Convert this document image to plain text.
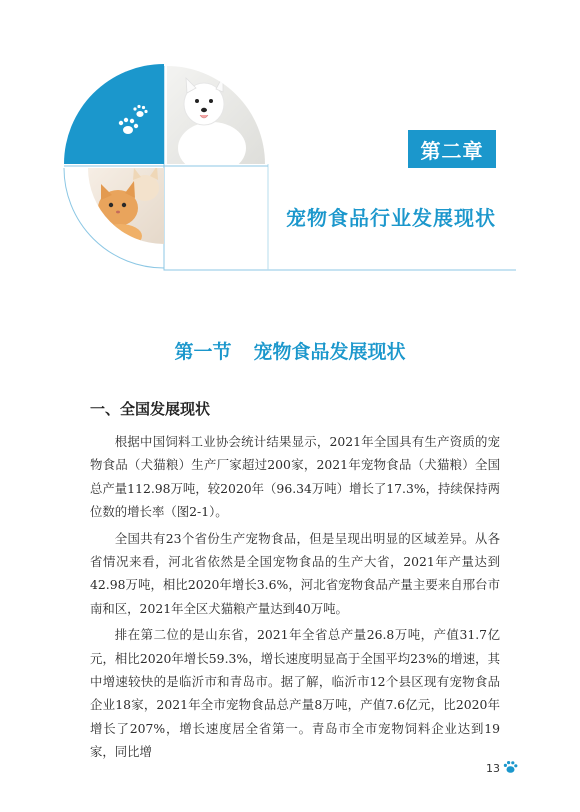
第二章
宠物食品行业发展现状
第一节 宠物食品发展现状
一、全国发展现状

根据中国饲料工业协会统计结果显示，2021年全国具有生产资质的宠物食品（犬猫粮）生产厂家超过200家，2021年宠物食品（犬猫粮）全国总产量112.98万吨，较2020年（96.34万吨）增长了17.3%，持续保持两位数的增长率（图2-1）。

全国共有23个省份生产宠物食品，但是呈现出明显的区域差异。从各省情况来看，河北省依然是全国宠物食品的生产大省，2021年产量达到42.98万吨，相比2020年增长3.6%，河北省宠物食品产量主要来自邢台市南和区，2021年全区犬猫粮产量达到40万吨。

排在第二位的是山东省，2021年全省总产量26.8万吨，产值31.7亿元，相比2020年增长59.3%，增长速度明显高于全国平均23%的增速，其中增速较快的是临沂市和青岛市。据了解，临沂市12个县区现有宠物食品企业18家，2021年全市宠物食品总产量8万吨，产值7.6亿元，比2020年增长了207%，增长速度居全省第一。青岛市全市宠物饲料企业达到19家，同比增

13
